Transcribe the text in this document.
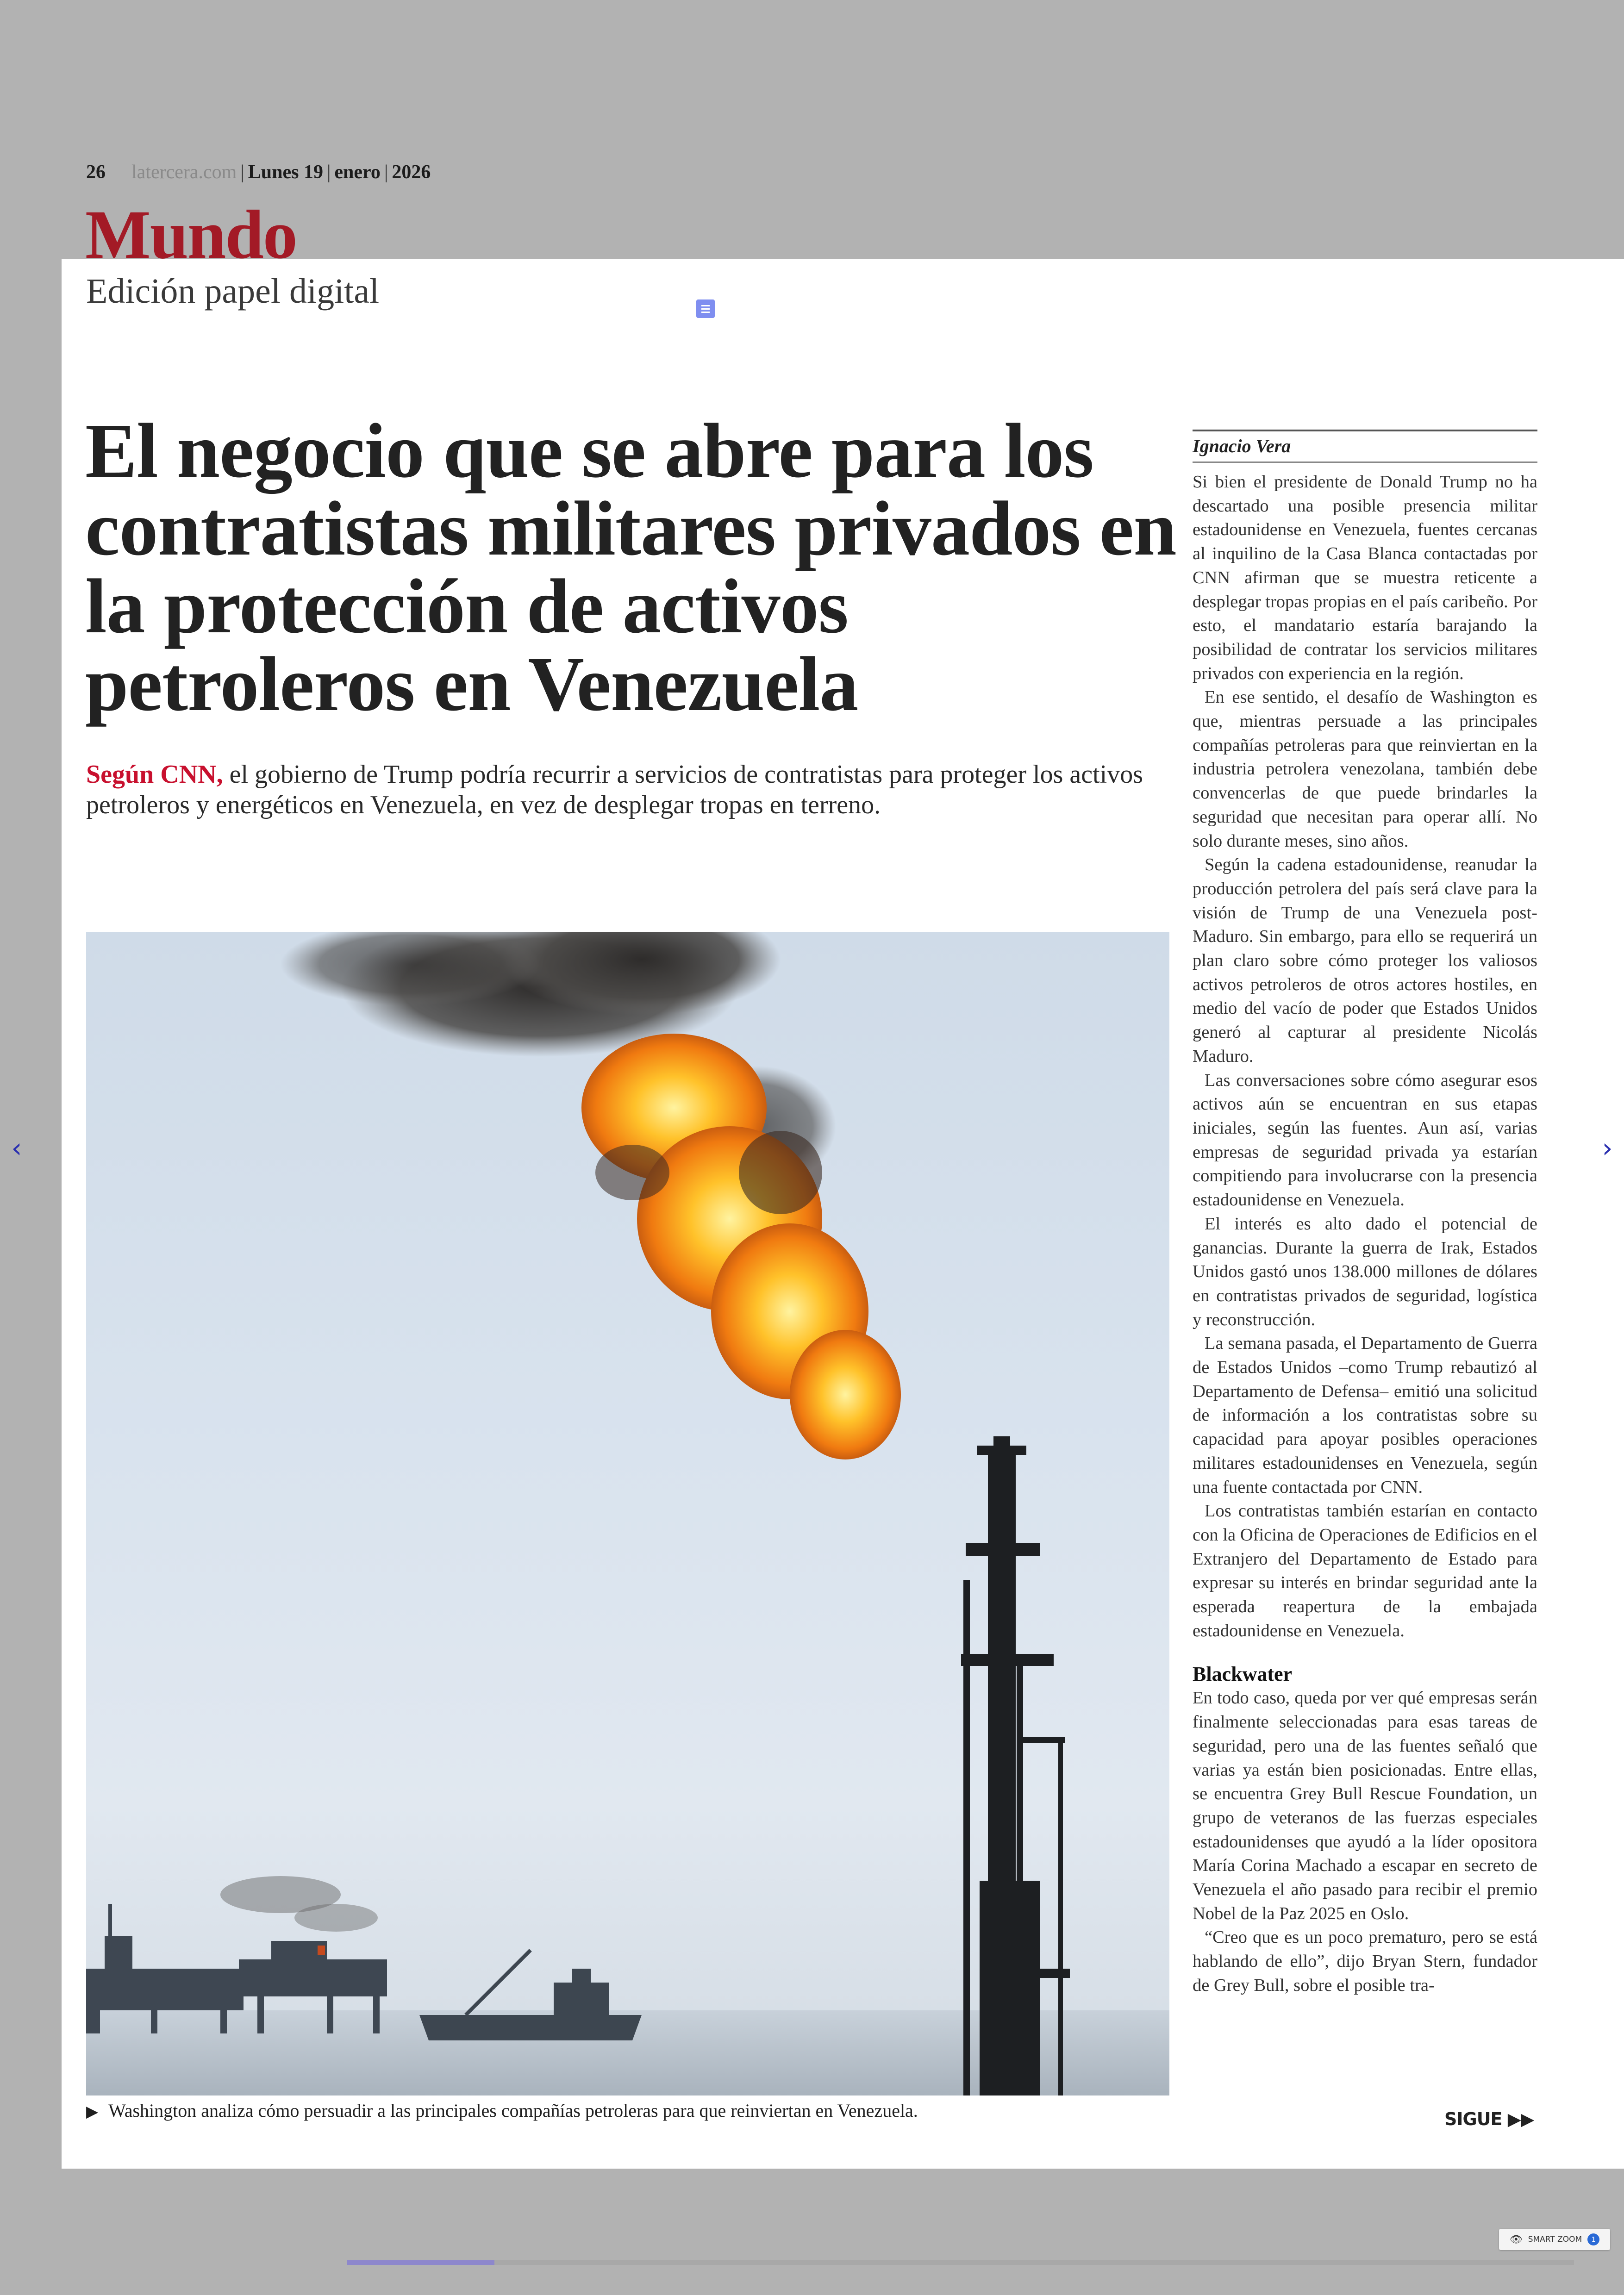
26 latercera.com | Lunes 19 | enero | 2026
Mundo
Edición papel digital
El negocio que se abre para los contratistas militares privados en la protección de activos petroleros en Venezuela

Según CNN, el gobierno de Trump podría recurrir a servicios de contratistas para proteger los activos petroleros y energéticos en Venezuela, en vez de desplegar tropas en terreno.

▶ Washington analiza cómo persuadir a las principales compañías petroleras para que reinviertan en Venezuela.
Ignacio Vera

Si bien el presidente de Donald Trump no ha descartado una posible presencia militar estadounidense en Venezuela, fuentes cercanas al inquilino de la Casa Blanca contactadas por CNN afirman que se muestra reticente a desplegar tropas propias en el país caribeño. Por esto, el mandatario estaría barajando la posibilidad de contratar los servicios militares privados con experiencia en la región.

En ese sentido, el desafío de Washington es que, mientras persuade a las principales compañías petroleras para que reinviertan en la industria petrolera venezolana, también debe convencerlas de que puede brindarles la seguridad que necesitan para operar allí. No solo durante meses, sino años.

Según la cadena estadounidense, reanudar la producción petrolera del país será clave para la visión de Trump de una Venezuela post-Maduro. Sin embargo, para ello se requerirá un plan claro sobre cómo proteger los valiosos activos petroleros de otros actores hostiles, en medio del vacío de poder que Estados Unidos generó al capturar al presidente Nicolás Maduro.

Las conversaciones sobre cómo asegurar esos activos aún se encuentran en sus etapas iniciales, según las fuentes. Aun así, varias empresas de seguridad privada ya estarían compitiendo para involucrarse con la presencia estadounidense en Venezuela.

El interés es alto dado el potencial de ganancias. Durante la guerra de Irak, Estados Unidos gastó unos 138.000 millones de dólares en contratistas privados de seguridad, logística y reconstrucción.

La semana pasada, el Departamento de Guerra de Estados Unidos –como Trump rebautizó al Departamento de Defensa– emitió una solicitud de información a los contratistas sobre su capacidad para apoyar posibles operaciones militares estadounidenses en Venezuela, según una fuente contactada por CNN.

Los contratistas también estarían en contacto con la Oficina de Operaciones de Edificios en el Extranjero del Departamento de Estado para expresar su interés en brindar seguridad ante la esperada reapertura de la embajada estadounidense en Venezuela.

Blackwater

En todo caso, queda por ver qué empresas serán finalmente seleccionadas para esas tareas de seguridad, pero una de las fuentes señaló que varias ya están bien posicionadas. Entre ellas, se encuentra Grey Bull Rescue Foundation, un grupo de veteranos de las fuerzas especiales estadounidenses que ayudó a la líder opositora María Corina Machado a escapar en secreto de Venezuela el año pasado para recibir el premio Nobel de la Paz 2025 en Oslo.

“Creo que es un poco prematuro, pero se está hablando de ello”, dijo Bryan Stern, fundador de Grey Bull, sobre el posible tra-

SIGUE ▶▶
‹	›
👁 SMART ZOOM	1
